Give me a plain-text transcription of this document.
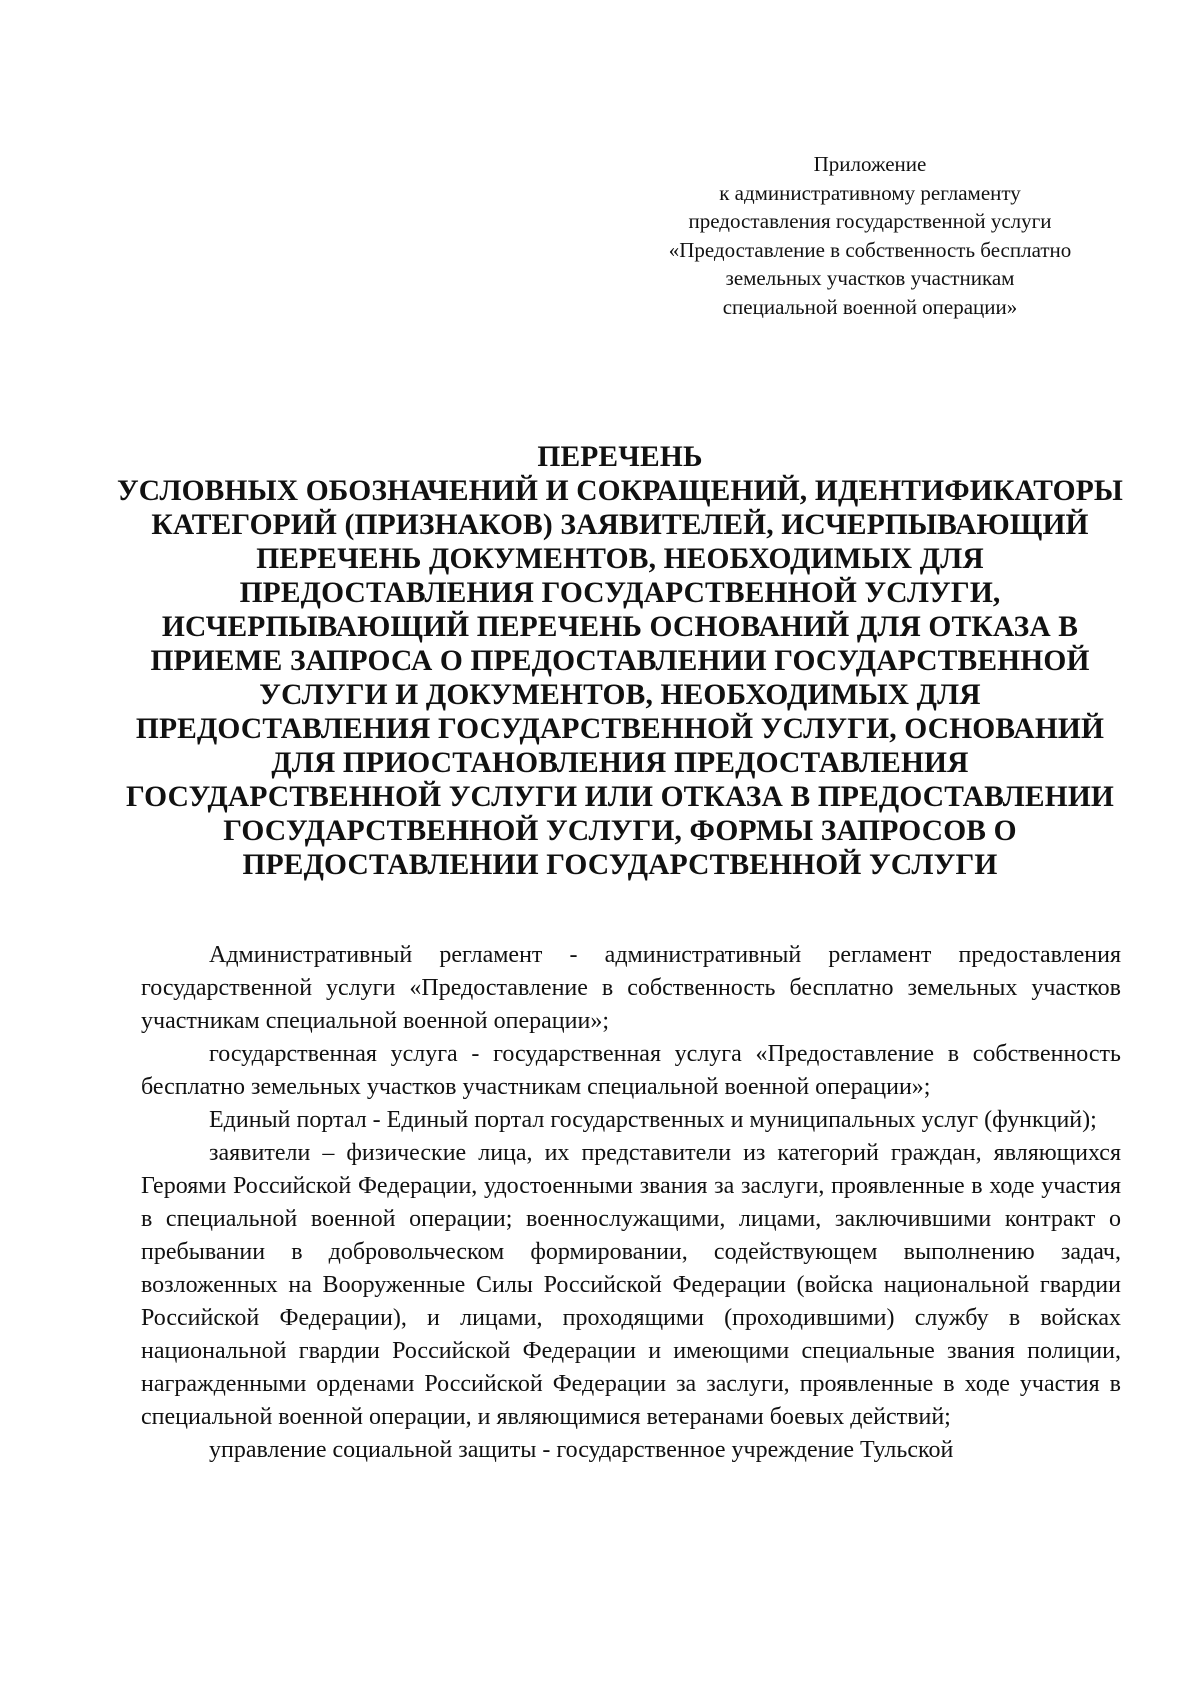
Приложение
к административному регламенту
предоставления государственной услуги
«Предоставление в собственность бесплатно
земельных участков участникам
специальной военной операции»
ПЕРЕЧЕНЬ
УСЛОВНЫХ ОБОЗНАЧЕНИЙ И СОКРАЩЕНИЙ, ИДЕНТИФИКАТОРЫ
КАТЕГОРИЙ (ПРИЗНАКОВ) ЗАЯВИТЕЛЕЙ, ИСЧЕРПЫВАЮЩИЙ
ПЕРЕЧЕНЬ ДОКУМЕНТОВ, НЕОБХОДИМЫХ ДЛЯ
ПРЕДОСТАВЛЕНИЯ ГОСУДАРСТВЕННОЙ УСЛУГИ,
ИСЧЕРПЫВАЮЩИЙ ПЕРЕЧЕНЬ ОСНОВАНИЙ ДЛЯ ОТКАЗА В
ПРИЕМЕ ЗАПРОСА О ПРЕДОСТАВЛЕНИИ ГОСУДАРСТВЕННОЙ
УСЛУГИ И ДОКУМЕНТОВ, НЕОБХОДИМЫХ ДЛЯ
ПРЕДОСТАВЛЕНИЯ ГОСУДАРСТВЕННОЙ УСЛУГИ, ОСНОВАНИЙ
ДЛЯ ПРИОСТАНОВЛЕНИЯ ПРЕДОСТАВЛЕНИЯ
ГОСУДАРСТВЕННОЙ УСЛУГИ ИЛИ ОТКАЗА В ПРЕДОСТАВЛЕНИИ
ГОСУДАРСТВЕННОЙ УСЛУГИ, ФОРМЫ ЗАПРОСОВ О
ПРЕДОСТАВЛЕНИИ ГОСУДАРСТВЕННОЙ УСЛУГИ

Административный регламент - административный регламент предоставления государственной услуги «Предоставление в собственность бесплатно земельных участков участникам специальной военной операции»;

государственная услуга - государственная услуга «Предоставление в собственность бесплатно земельных участков участникам специальной военной операции»;

Единый портал - Единый портал государственных и муниципальных услуг (функций);

заявители – физические лица, их представители из категорий граждан, являющихся Героями Российской Федерации, удостоенными звания за заслуги, проявленные в ходе участия в специальной военной операции; военнослужащими, лицами, заключившими контракт о пребывании в добровольческом формировании, содействующем выполнению задач, возложенных на Вооруженные Силы Российской Федерации (войска национальной гвардии Российской Федерации), и лицами, проходящими (проходившими) службу в войсках национальной гвардии Российской Федерации и имеющими специальные звания полиции, награжденными орденами Российской Федерации за заслуги, проявленные в ходе участия в специальной военной операции, и являющимися ветеранами боевых действий;

управление социальной защиты - государственное учреждение Тульской
